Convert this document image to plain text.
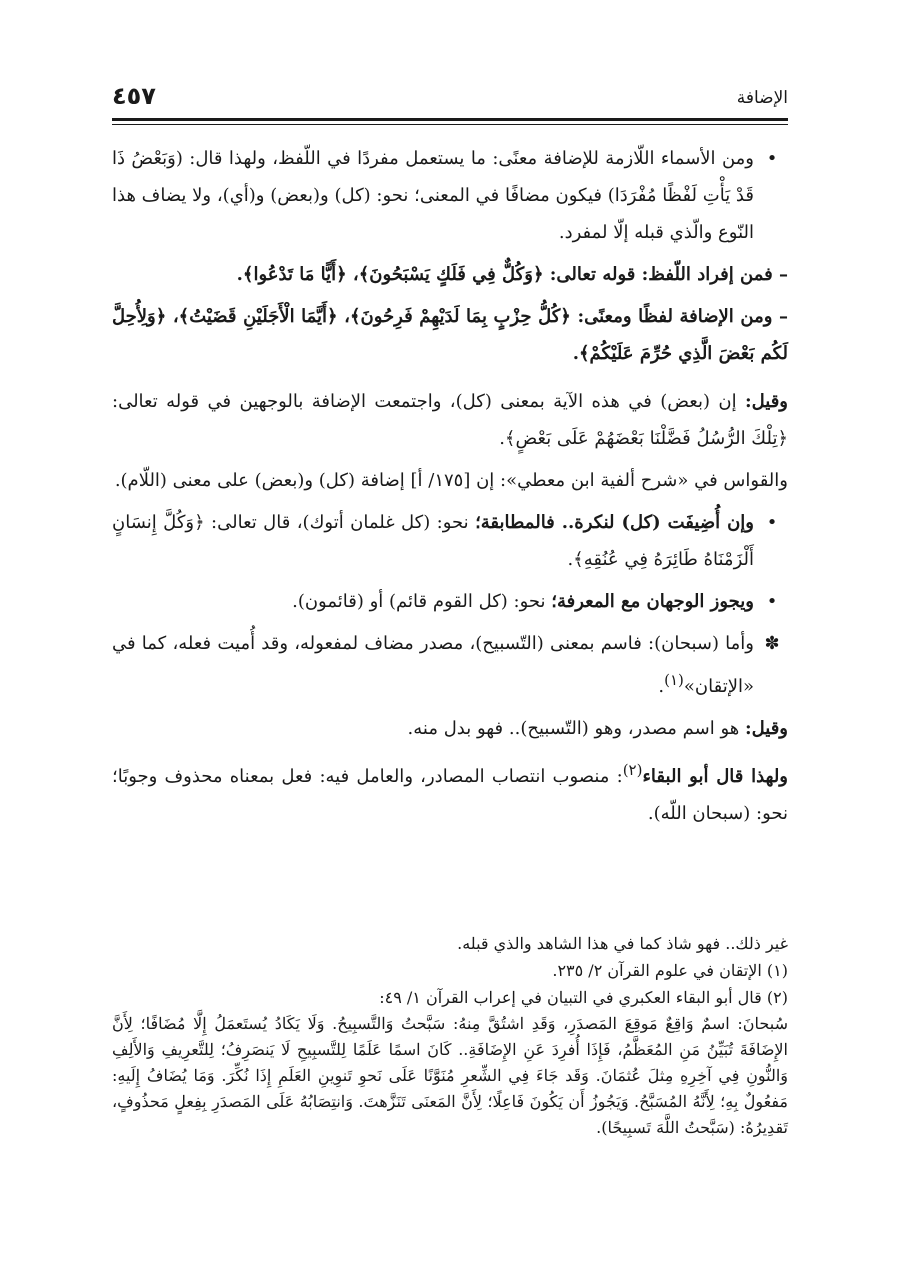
الإضافة
٤٥٧

•
ومن الأسماء اللّازمة للإضافة معنًى: ما يستعمل مفردًا في اللّفظ، ولهذا قال: (وَبَعْضُ ذَا قَدْ يَأْتِ لَفْظًا مُفْرَدَا) فيكون مضافًا في المعنى؛ نحو: (كل) و(بعض) و(أي)، ولا يضاف هذا النّوع والّذي قبله إلّا لمفرد.

– فمن إفراد اللّفظ: قوله تعالى: ﴿وَكُلٌّ فِي فَلَكٍ يَسْبَحُونَ﴾، ﴿أَيًّا مَا تَدْعُوا﴾.

– ومن الإضافة لفظًا ومعنًى: ﴿كُلُّ حِزْبٍ بِمَا لَدَيْهِمْ فَرِحُونَ﴾، ﴿أَيَّمَا الْأَجَلَيْنِ قَضَيْتُ﴾، ﴿وَلِأُحِلَّ لَكُم بَعْضَ الَّذِي حُرِّمَ عَلَيْكُمْ﴾.

وقيل: إن (بعض) في هذه الآية بمعنى (كل)، واجتمعت الإضافة بالوجهين في قوله تعالى: ﴿تِلْكَ الرُّسُلُ فَضَّلْنَا بَعْضَهُمْ عَلَى بَعْضٍ﴾.

والقواس في «شرح ألفية ابن معطي»: إن [١٧٥/ أ] إضافة (كل) و(بعض) على معنى (اللّام).

•
وإن أُضِيفَت (كل) لنكرة.. فالمطابقة؛ نحو: (كل غلمان أتوك)، قال تعالى: ﴿وَكُلَّ إِنسَانٍ أَلْزَمْنَاهُ طَائِرَهُ فِي عُنُقِهِ﴾.

•
ويجوز الوجهان مع المعرفة؛ نحو: (كل القوم قائم) أو (قائمون).

✽
وأما (سبحان): فاسم بمعنى (التّسبيح)، مصدر مضاف لمفعوله، وقد أُميت فعله، كما في «الإتقان»$^{(١)}$.

وقيل: هو اسم مصدر، وهو (التّسبيح).. فهو بدل منه.

ولهذا قال أبو البقاء$^{(٢)}$: منصوب انتصاب المصادر، والعامل فيه: فعل بمعناه محذوف وجوبًا؛ نحو: (سبحان اللّه).

غير ذلك.. فهو شاذ كما في هذا الشاهد والذي قبله.

(١) الإتقان في علوم القرآن ٢/ ٢٣٥.

(٢) قال أبو البقاء العكبري في التبيان في إعراب القرآن ١/ ٤٩:

سُبحانَ: اسمٌ وَاقِعٌ مَوقِعَ المَصدَرِ، وَقَدِ اشتُقَّ مِنهُ: سَبَّحتُ وَالتَّسبِيحُ. وَلَا يَكَادُ يُستَعمَلُ إِلَّا مُضَافًا؛ لِأَنَّ الإِضَافَةَ تُبَيِّنُ مَنِ المُعَظَّمُ، فَإِذَا أُفرِدَ عَنِ الإِضَافَةِ.. كَانَ اسمًا عَلَمًا لِلتَّسبِيحِ لَا يَنصَرِفُ؛ لِلتَّعرِيفِ وَالأَلِفِ وَالنُّونِ فِي آخِرِهِ مِثلَ عُثمَانَ. وَقَد جَاءَ فِي الشِّعرِ مُنَوَّنًا عَلَى نَحوِ تَنوِينِ العَلَمِ إِذَا نُكِّرَ. وَمَا يُضَافُ إِلَيهِ: مَفعُولٌ بِهِ؛ لِأَنَّهُ المُسَبَّحُ. وَيَجُوزُ أَن يَكُونَ فَاعِلًا؛ لِأَنَّ المَعنَى تَنَزَّهتَ. وَانتِصَابُهُ عَلَى المَصدَرِ بِفِعلٍ مَحذُوفٍ، تَقدِيرُهُ: (سَبَّحتُ اللَّهَ تَسبِيحًا).
